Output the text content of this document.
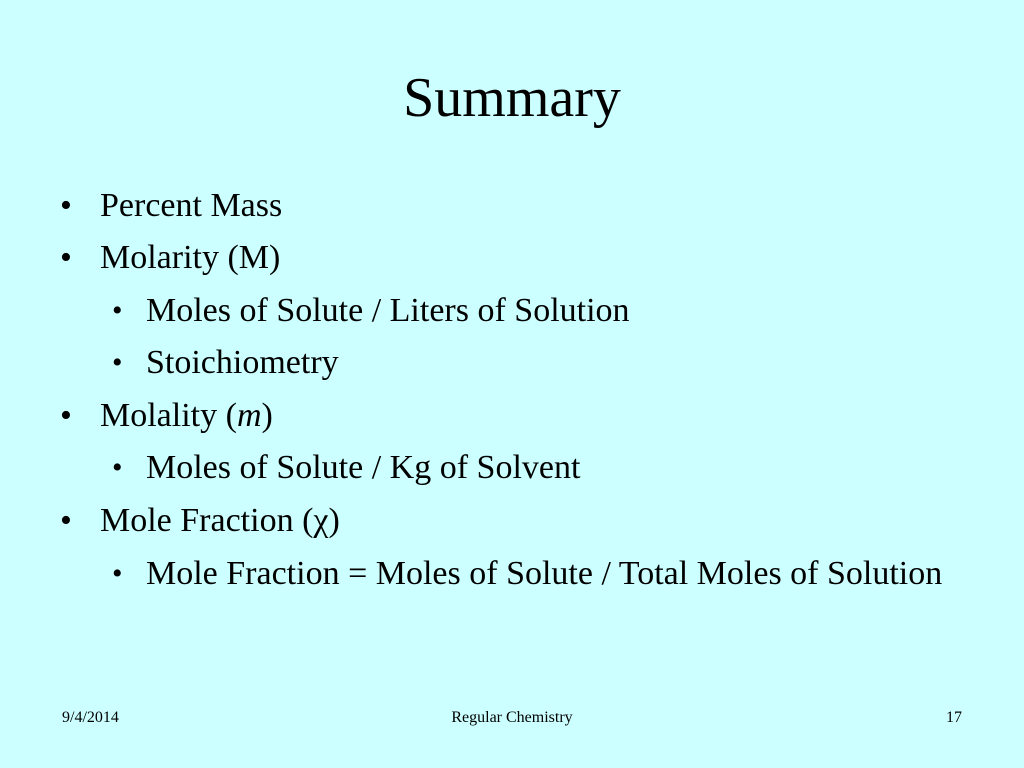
Summary
• Percent Mass
• Molarity (M)
• Moles of Solute / Liters of Solution
• Stoichiometry
• Molality (m)
• Moles of Solute / Kg of Solvent
• Mole Fraction (χ)
• Mole Fraction = Moles of Solute / Total Moles of Solution
9/4/2014	Regular Chemistry	17
